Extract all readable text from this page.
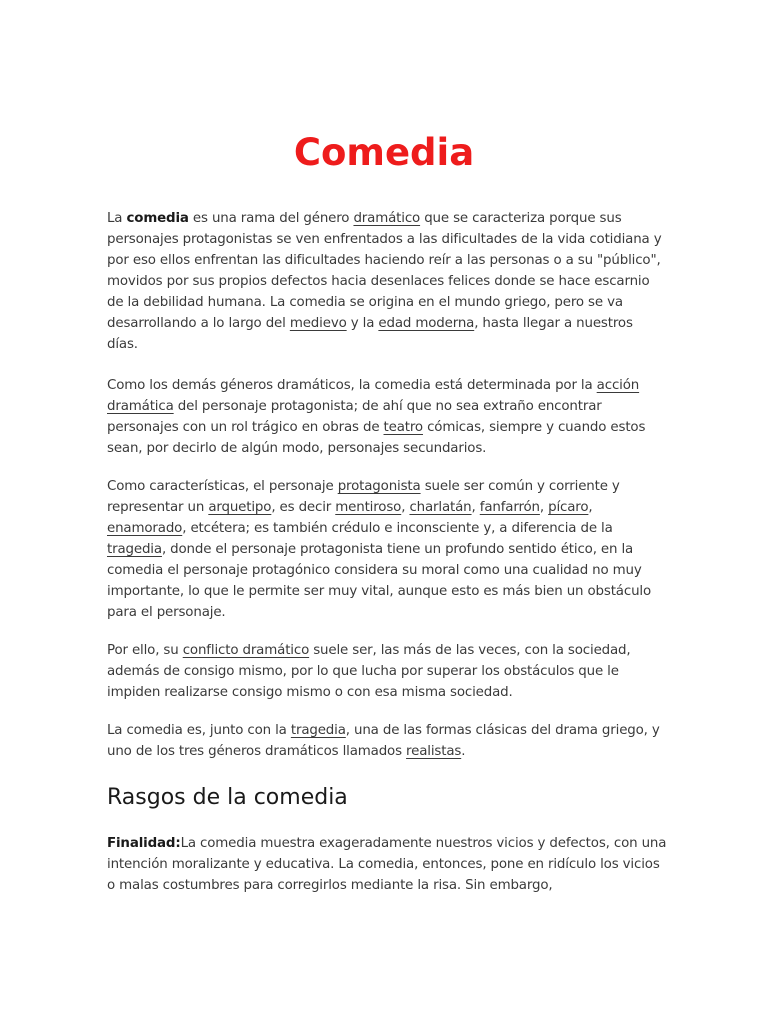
Comedia

La comedia es una rama del género dramático que se caracteriza porque sus personajes protagonistas se ven enfrentados a las dificultades de la vida cotidiana y por eso ellos enfrentan las dificultades haciendo reír a las personas o a su "público", movidos por sus propios defectos hacia desenlaces felices donde se hace escarnio de la debilidad humana. La comedia se origina en el mundo griego, pero se va desarrollando a lo largo del medievo y la edad moderna, hasta llegar a nuestros días.

Como los demás géneros dramáticos, la comedia está determinada por la acción dramática del personaje protagonista; de ahí que no sea extraño encontrar personajes con un rol trágico en obras de teatro cómicas, siempre y cuando estos sean, por decirlo de algún modo, personajes secundarios.

Como características, el personaje protagonista suele ser común y corriente y representar un arquetipo, es decir mentiroso, charlatán, fanfarrón, pícaro, enamorado, etcétera; es también crédulo e inconsciente y, a diferencia de la tragedia, donde el personaje protagonista tiene un profundo sentido ético, en la comedia el personaje protagónico considera su moral como una cualidad no muy importante, lo que le permite ser muy vital, aunque esto es más bien un obstáculo para el personaje.

Por ello, su conflicto dramático suele ser, las más de las veces, con la sociedad, además de consigo mismo, por lo que lucha por superar los obstáculos que le impiden realizarse consigo mismo o con esa misma sociedad.

La comedia es, junto con la tragedia, una de las formas clásicas del drama griego, y uno de los tres géneros dramáticos llamados realistas.

Rasgos de la comedia

Finalidad:La comedia muestra exageradamente nuestros vicios y defectos, con una intención moralizante y educativa. La comedia, entonces, pone en ridículo los vicios o malas costumbres para corregirlos mediante la risa. Sin embargo,
